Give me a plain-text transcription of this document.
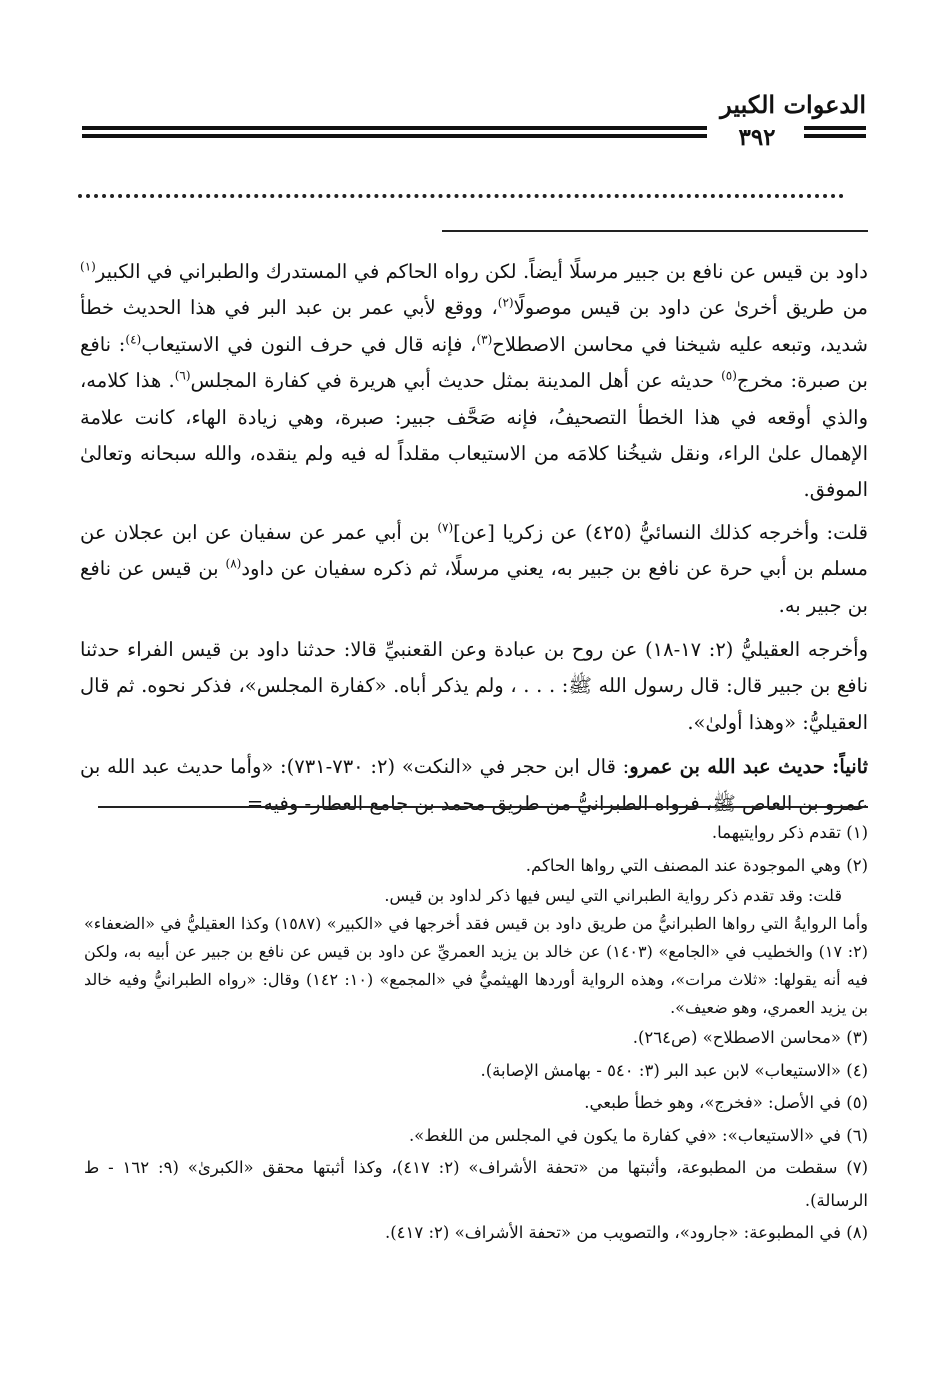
الدعوات الكبير
٣٩٢

داود بن قيس عن نافع بن جبير مرسلًا أيضاً. لكن رواه الحاكم في المستدرك والطبراني في الكبير$^{(١)}$ من طريق أخرىٰ عن داود بن قيس موصولًا$^{(٢)}$، ووقع لأبي عمر بن عبد البر في هذا الحديث خطأ شديد، وتبعه عليه شيخنا في محاسن الاصطلاح$^{(٣)}$، فإنه قال في حرف النون في الاستيعاب$^{(٤)}$: نافع بن صبرة: مخرج$^{(٥)}$ حديثه عن أهل المدينة بمثل حديث أبي هريرة في كفارة المجلس$^{(٦)}$. هذا كلامه، والذي أوقعه في هذا الخطأ التصحيفُ، فإنه صَحَّف جبير: صبرة، وهي زيادة الهاء، كانت علامة الإهمال علىٰ الراء، ونقل شيخُنا كلامَه من الاستيعاب مقلداً له فيه ولم ينقده، والله سبحانه وتعالىٰ الموفق.

قلت: وأخرجه كذلك النسائيُّ (٤٢٥) عن زكريا [عن]$^{(٧)}$ بن أبي عمر عن سفيان عن ابن عجلان عن مسلم بن أبي حرة عن نافع بن جبير به، يعني مرسلًا، ثم ذكره سفيان عن داود$^{(٨)}$ بن قيس عن نافع بن جبير به.

وأخرجه العقيليُّ (٢: ١٧-١٨) عن روح بن عبادة وعن القعنبيِّ قالا: حدثنا داود بن قيس الفراء حدثنا نافع بن جبير قال: قال رسول الله ﷺ: . . . ، ولم يذكر أباه. «كفارة المجلس»، فذكر نحوه. ثم قال العقيليُّ: «وهذا أولىٰ».

ثانياً: حديث عبد الله بن عمرو: قال ابن حجر في «النكت» (٢: ٧٣٠-٧٣١): «وأما حديث عبد الله بن عمرو بن العاص ﷺ، فرواه الطبرانيُّ من طريق محمد بن جامع العطار- وفيه=

(١) تقدم ذكر روايتيهما.

(٢) وهي الموجودة عند المصنف التي رواها الحاكم.

قلت: وقد تقدم ذكر رواية الطبراني التي ليس فيها ذكر لداود بن قيس.

وأما الروايةُ التي رواها الطبرانيُّ من طريق داود بن قيس فقد أخرجها في «الكبير» (١٥٨٧) وكذا العقيليُّ في «الضعفاء» (٢: ١٧) والخطيب في «الجامع» (١٤٠٣) عن خالد بن يزيد العمريِّ عن داود بن قيس عن نافع بن جبير عن أبيه به، ولكن فيه أنه يقولها: «ثلاث مرات»، وهذه الرواية أوردها الهيثميُّ في «المجمع» (١٠: ١٤٢) وقال: «رواه الطبرانيُّ وفيه خالد بن يزيد العمري، وهو ضعيف».

(٣) «محاسن الاصطلاح» (ص٢٦٤).

(٤) «الاستيعاب» لابن عبد البر (٣: ٥٤٠ - بهامش الإصابة).

(٥) في الأصل: «فخرج»، وهو خطأ طبعي.

(٦) في «الاستيعاب»: «في كفارة ما يكون في المجلس من اللغط».

(٧) سقطت من المطبوعة، وأثبتها من «تحفة الأشراف» (٢: ٤١٧)، وكذا أثبتها محقق «الكبرىٰ» (٩: ١٦٢ - ط الرسالة).

(٨) في المطبوعة: «جارود»، والتصويب من «تحفة الأشراف» (٢: ٤١٧).
